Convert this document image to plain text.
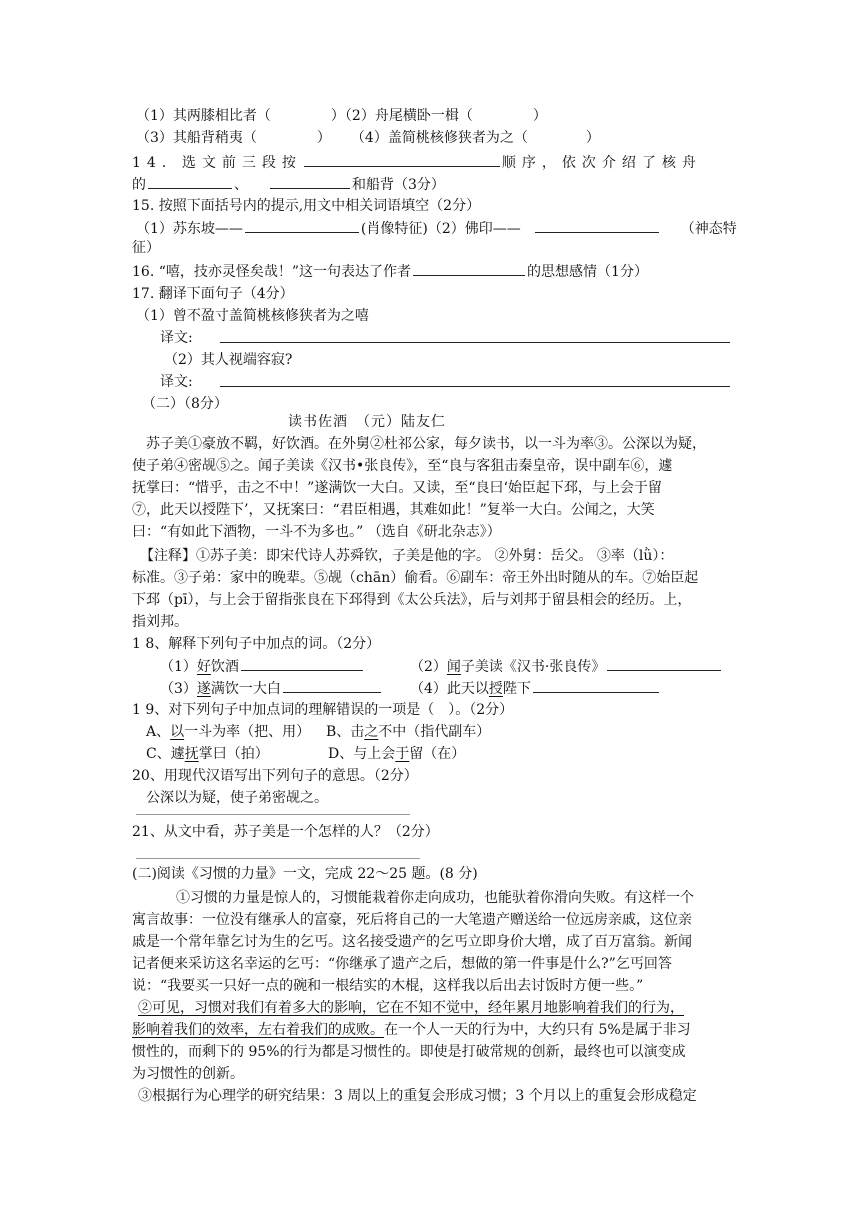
（1）其两膝相比者（	）（2）舟尾横卧一楫（	）
（3）其船背稍夷（	） （4）盖简桃核修狭者为之（	）
14．选文前三段按	顺序，依次介绍了核舟
的	、	和船背（3分）
15. 按照下面括号内的提示,用文中相关词语填空（2分）
（1）苏东坡——	(肖像特征)（2）佛印——	（神态特
征）
16. “嘻，技亦灵怪矣哉！”这一句表达了作者	的思想感情（1分）
17. 翻译下面句子（4分）
（1）曾不盈寸盖简桃核修狭者为之嘻
译文:
（2）其人视端容寂?
译文:
（二）（8分）
读书佐酒　（元）陆友仁
苏子美①豪放不羁，好饮酒。在外舅②杜祁公家，每夕读书，以一斗为率③。公深以为疑，
使子弟④密觇⑤之。闻子美读《汉书•张良传》，至“良与客狙击秦皇帝，误中副车⑥，遽
抚掌曰：“惜乎，击之不中！”遂满饮一大白。又读，至“良曰‘始臣起下邳，与上会于留
⑦，此天以授陛下’，又抚案曰：“君臣相遇，其难如此！”复举一大白。公闻之，大笑
曰：“有如此下酒物，一斗不为多也。” （选自《研北杂志》）
【注释】①苏子美：即宋代诗人苏舜钦，子美是他的字。 ②外舅：岳父。 ③率（lǜ）：
标准。③子弟：家中的晚辈。⑤觇（chān）偷看。⑥副车：帝王外出时随从的车。⑦始臣起
下邳（pī），与上会于留指张良在下邳得到《太公兵法》，后与刘邦于留县相会的经历。上，
指刘邦。
1 8、解释下列句子中加点的词。（2分）
（1）好饮酒	（2）闻子美读《汉书·张良传》
（3）遂满饮一大白	（4）此天以授陛下
1 9、对下列句子中加点词的理解错误的一项是（　）。（2分）
A、以一斗为率（把、用） B、击之不中（指代副车）
C、遽抚掌曰（拍）	D、与上会于留（在）
20、用现代汉语写出下列句子的意思。（2分）
公深以为疑，使子弟密觇之。
21、从文中看，苏子美是一个怎样的人？（2分）
(二)阅读《习惯的力量》一文，完成 22～25 题。(8 分)
①习惯的力量是惊人的，习惯能栽着你走向成功，也能驮着你滑向失败。有这样一个
寓言故事：一位没有继承人的富豪，死后将自己的一大笔遗产赠送给一位远房亲戚，这位亲
戚是一个常年靠乞讨为生的乞丐。这名接受遗产的乞丐立即身价大增，成了百万富翁。新闻
记者便来采访这名幸运的乞丐：“你继承了遗产之后，想做的第一件事是什么?”乞丐回答
说：“我要买一只好一点的碗和一根结实的木棍，这样我以后出去讨饭时方便一些。”
②可见，习惯对我们有着多大的影响，它在不知不觉中，经年累月地影响着我们的行为，
影响着我们的效率，左右着我们的成败。在一个人一天的行为中，大约只有 5%是属于非习
惯性的，而剩下的 95%的行为都是习惯性的。即使是打破常规的创新，最终也可以演变成
为习惯性的创新。
③根据行为心理学的研究结果：3 周以上的重复会形成习惯；3 个月以上的重复会形成稳定
